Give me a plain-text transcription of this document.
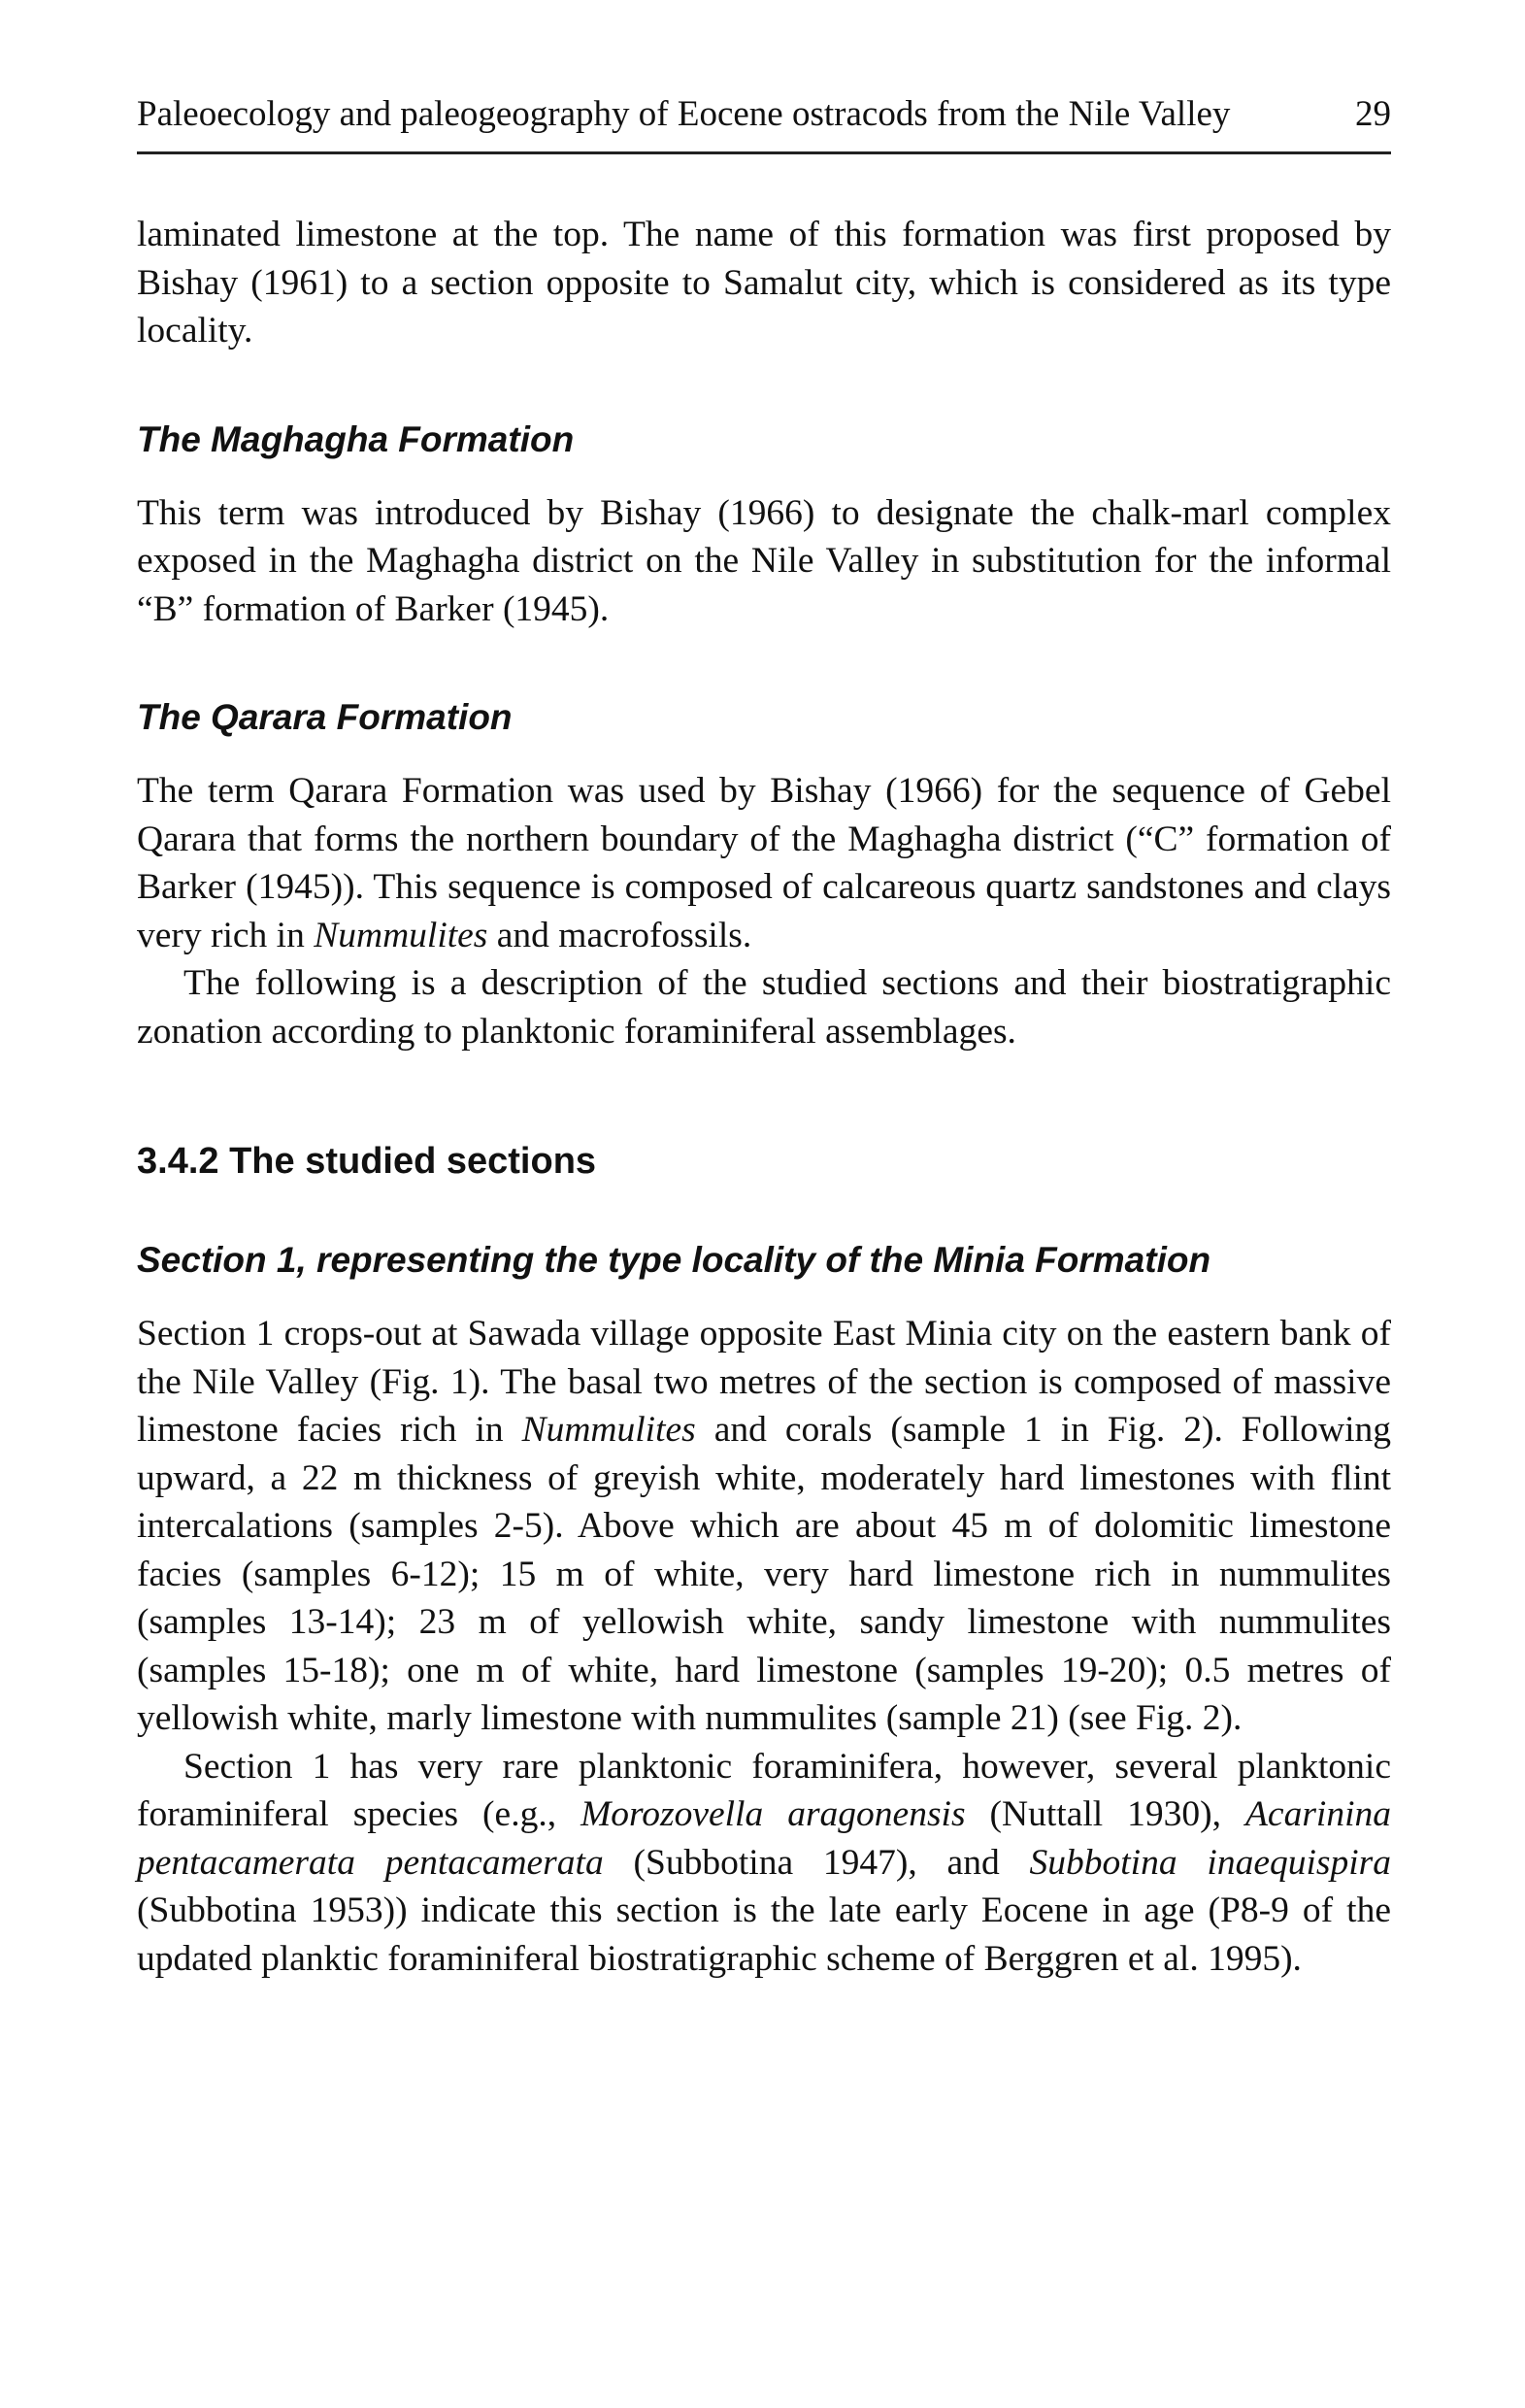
Paleoecology and paleogeography of Eocene ostracods from the Nile Valley	29

laminated limestone at the top. The name of this formation was first proposed by Bishay (1961) to a section opposite to Samalut city, which is considered as its type locality.

The Maghagha Formation

This term was introduced by Bishay (1966) to designate the chalk-marl complex exposed in the Maghagha district on the Nile Valley in substitution for the informal “B” formation of Barker (1945).

The Qarara Formation

The term Qarara Formation was used by Bishay (1966) for the sequence of Gebel Qarara that forms the northern boundary of the Maghagha district (“C” formation of Barker (1945)). This sequence is composed of calcareous quartz sandstones and clays very rich in Nummulites and macrofossils.

The following is a description of the studied sections and their biostratigraphic zonation according to planktonic foraminiferal assemblages.

3.4.2 The studied sections
Section 1, representing the type locality of the Minia Formation

Section 1 crops-out at Sawada village opposite East Minia city on the eastern bank of the Nile Valley (Fig. 1). The basal two metres of the section is composed of massive limestone facies rich in Nummulites and corals (sample 1 in Fig. 2). Following upward, a 22 m thickness of greyish white, moderately hard limestones with flint intercalations (samples 2-5). Above which are about 45 m of dolomitic limestone facies (samples 6-12); 15 m of white, very hard limestone rich in nummulites (samples 13-14); 23 m of yellowish white, sandy limestone with nummulites (samples 15-18); one m of white, hard limestone (samples 19-20); 0.5 metres of yellowish white, marly limestone with nummulites (sample 21) (see Fig. 2).

Section 1 has very rare planktonic foraminifera, however, several planktonic foraminiferal species (e.g., Morozovella aragonensis (Nuttall 1930), Acarinina pentacamerata pentacamerata (Subbotina 1947), and Subbotina inaequispira (Subbotina 1953)) indicate this section is the late early Eocene in age (P8-9 of the updated planktic foraminiferal biostratigraphic scheme of Berggren et al. 1995).
